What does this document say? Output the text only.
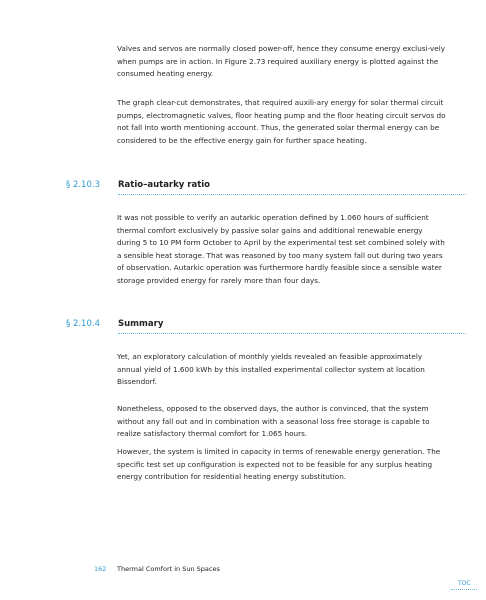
Valves and servos are normally closed power-off, hence they consume energy exclusi-vely when pumps are in action. In Figure 2.73 required auxiliary energy is plotted against the consumed heating energy.

The graph clear-cut demonstrates, that required auxili-ary energy for solar thermal circuit pumps, electromagnetic valves, floor heating pump and the floor heating circuit servos do not fall into worth mentioning account. Thus, the generated solar thermal energy can be considered to be the effective energy gain for further space heating.

§ 2.10.3 Ratio–autarky ratio

It was not possible to verify an autarkic operation defined by 1.060 hours of sufficient thermal comfort exclusively by passive solar gains and additional renewable energy during 5 to 10 PM form October to April by the experimental test set combined solely with a sensible heat storage. That was reasoned by too many system fall out during two years of observation. Autarkic operation was furthermore hardly feasible since a sensible water storage provided energy for rarely more than four days.

§ 2.10.4 Summary

Yet, an exploratory calculation of monthly yields revealed an feasible approximately annual yield of 1.600 kWh by this installed experimental collector system at location Bissendorf.

Nonetheless, opposed to the observed days, the author is convinced, that the system without any fall out and in combination with a seasonal loss free storage is capable to realize satisfactory thermal comfort for 1.065 hours.

However, the system is limited in capacity in terms of renewable energy generation. The specific test set up configuration is expected not to be feasible for any surplus heating energy contribution for residential heating energy substitution.

162 Thermal Comfort in Sun Spaces
TOC
